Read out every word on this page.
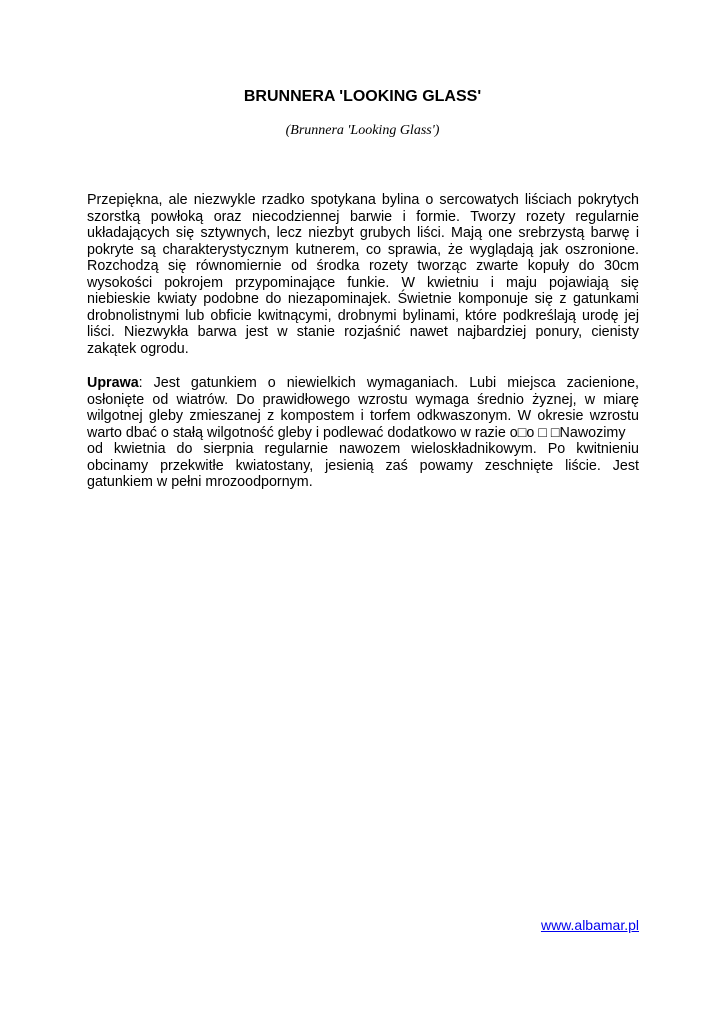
BRUNNERA 'LOOKING GLASS'

(Brunnera 'Looking Glass')

Przepiękna, ale niezwykle rzadko spotykana bylina o sercowatych liściach pokrytych
szorstką powłoką oraz niecodziennej barwie i formie. Tworzy rozety regularnie
układających się sztywnych, lecz niezbyt grubych liści. Mają one srebrzystą barwę i
pokryte są charakterystycznym kutnerem, co sprawia, że wyglądają jak oszronione.
Rozchodzą się równomiernie od środka rozety tworząc zwarte kopuły do 30cm
wysokości pokrojem przypominające funkie. W kwietniu i maju pojawiają się
niebieskie kwiaty podobne do niezapominajek. Świetnie komponuje się z gatunkami
drobnolistnymi lub obficie kwitnącymi, drobnymi bylinami, które podkreślają urodę jej
liści. Niezwykła barwa jest w stanie rozjaśnić nawet najbardziej ponury, cienisty
zakątek ogrodu.
Uprawa: Jest gatunkiem o niewielkich wymaganiach. Lubi miejsca zacienione,
osłonięte od wiatrów. Do prawidłowego wzrostu wymaga średnio żyznej, w miarę
wilgotnej gleby zmieszanej z kompostem i torfem odkwaszonym. W okresie wzrostu
warto dbać o stałą wilgotność gleby i podlewać dodatkowo w razie o□o □ □Nawozimy
od kwietnia do sierpnia regularnie nawozem wieloskładnikowym. Po kwitnieniu
obcinamy przekwitłe kwiatostany, jesienią zaś powamy zeschnięte liście. Jest
gatunkiem w pełni mrozoodpornym.
www.albamar.pl
